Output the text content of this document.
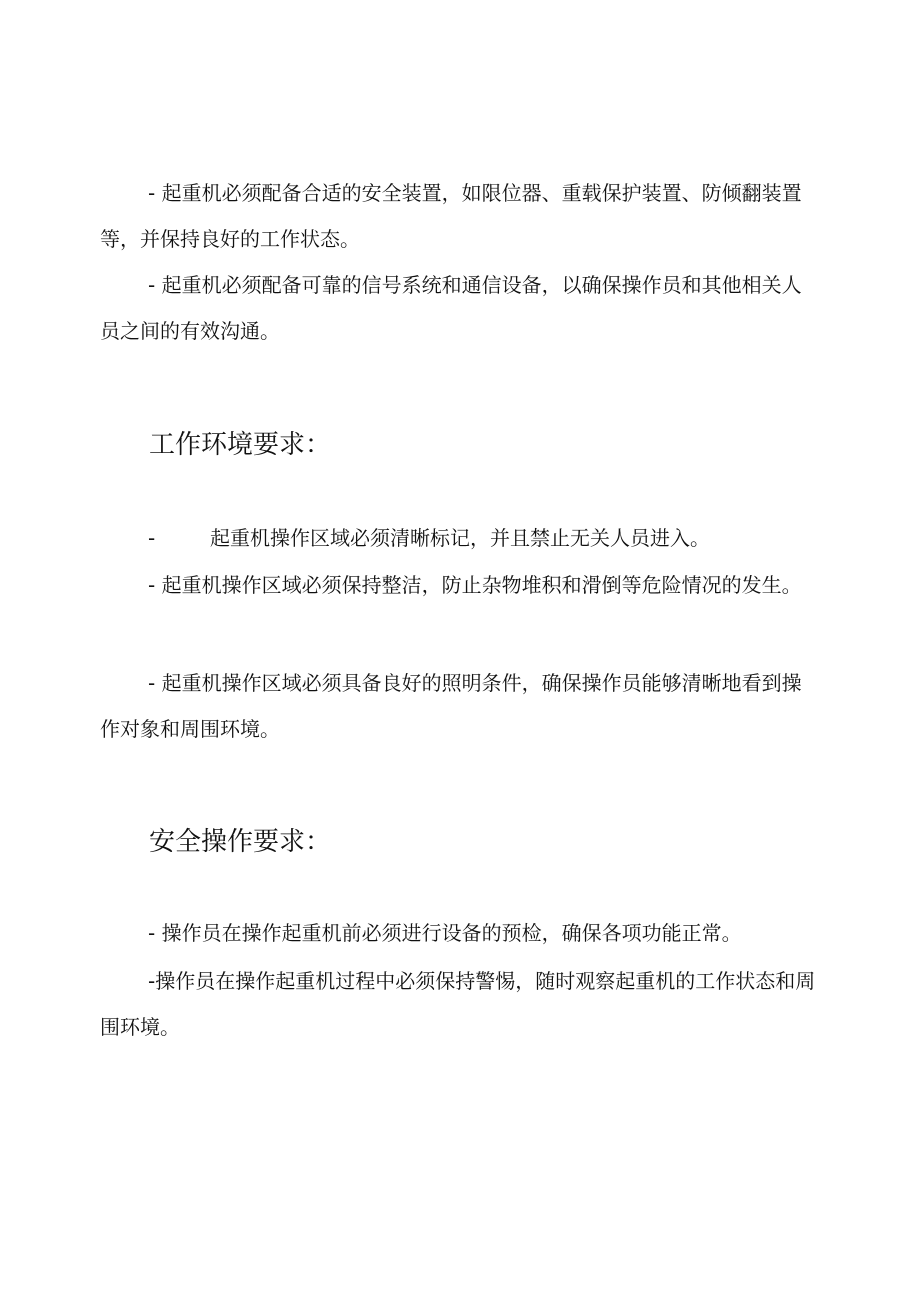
- 起重机必须配备合适的安全装置，如限位器、重载保护装置、防倾翻装置等，并保持良好的工作状态。

- 起重机必须配备可靠的信号系统和通信设备，以确保操作员和其他相关人员之间的有效沟通。

工作环境要求：

-	起重机操作区域必须清晰标记，并且禁止无关人员进入。

- 起重机操作区域必须保持整洁，防止杂物堆积和滑倒等危险情况的发生。

- 起重机操作区域必须具备良好的照明条件，确保操作员能够清晰地看到操作对象和周围环境。

安全操作要求：

- 操作员在操作起重机前必须进行设备的预检，确保各项功能正常。

-操作员在操作起重机过程中必须保持警惕，随时观察起重机的工作状态和周围环境。
